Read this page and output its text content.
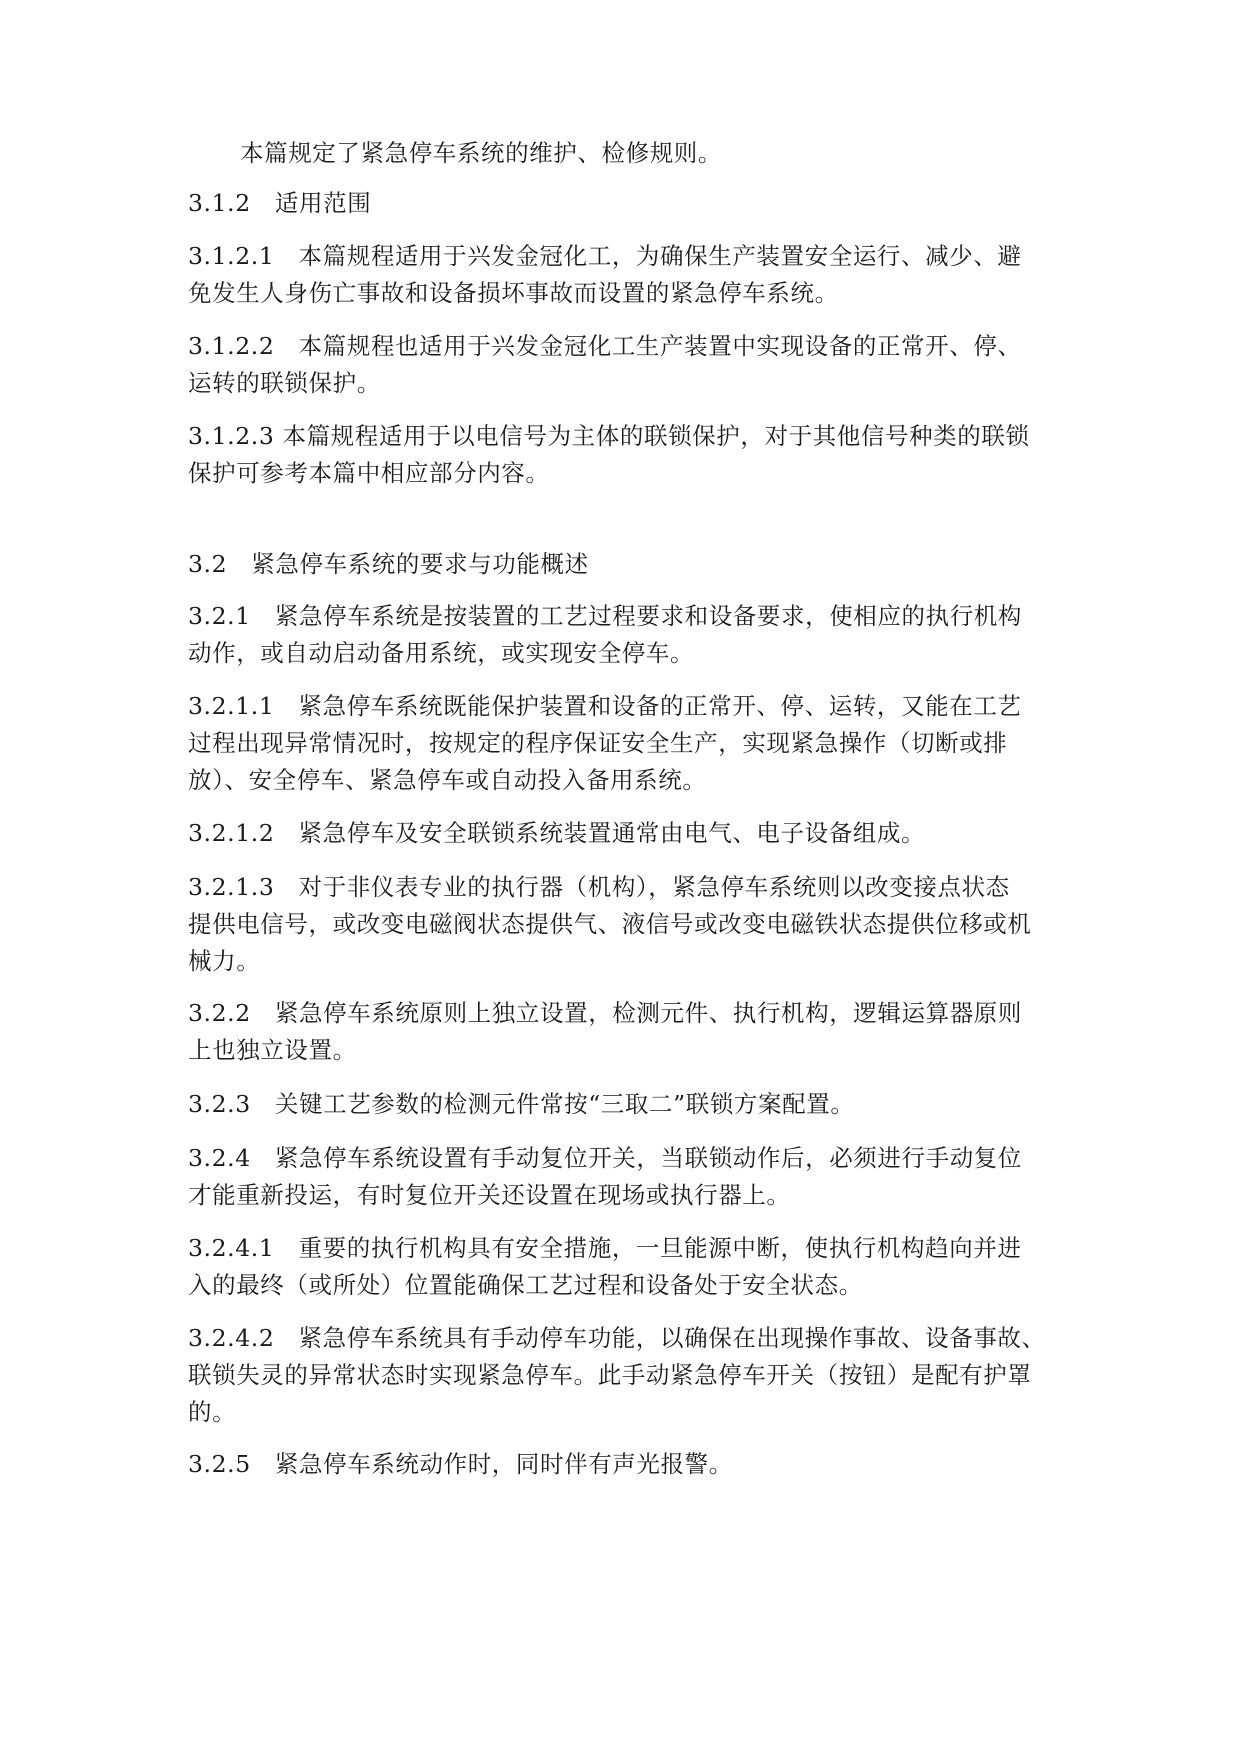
本篇规定了紧急停车系统的维护、检修规则。

3.1.2　适用范围

3.1.2.1　本篇规程适用于兴发金冠化工，为确保生产装置安全运行、减少、避
免发生人身伤亡事故和设备损坏事故而设置的紧急停车系统。

3.1.2.2　本篇规程也适用于兴发金冠化工生产装置中实现设备的正常开、停、
运转的联锁保护。

3.1.2.3 本篇规程适用于以电信号为主体的联锁保护，对于其他信号种类的联锁
保护可参考本篇中相应部分内容。

3.2　紧急停车系统的要求与功能概述

3.2.1　紧急停车系统是按装置的工艺过程要求和设备要求，使相应的执行机构
动作，或自动启动备用系统，或实现安全停车。

3.2.1.1　紧急停车系统既能保护装置和设备的正常开、停、运转，又能在工艺
过程出现异常情况时，按规定的程序保证安全生产，实现紧急操作（切断或排
放）、安全停车、紧急停车或自动投入备用系统。

3.2.1.2　紧急停车及安全联锁系统装置通常由电气、电子设备组成。

3.2.1.3　对于非仪表专业的执行器（机构），紧急停车系统则以改变接点状态
提供电信号，或改变电磁阀状态提供气、液信号或改变电磁铁状态提供位移或机
械力。

3.2.2　紧急停车系统原则上独立设置，检测元件、执行机构，逻辑运算器原则
上也独立设置。

3.2.3　关键工艺参数的检测元件常按“三取二”联锁方案配置。

3.2.4　紧急停车系统设置有手动复位开关，当联锁动作后，必须进行手动复位
才能重新投运，有时复位开关还设置在现场或执行器上。

3.2.4.1　重要的执行机构具有安全措施，一旦能源中断，使执行机构趋向并进
入的最终（或所处）位置能确保工艺过程和设备处于安全状态。

3.2.4.2　紧急停车系统具有手动停车功能，以确保在出现操作事故、设备事故、
联锁失灵的异常状态时实现紧急停车。此手动紧急停车开关（按钮）是配有护罩
的。

3.2.5　紧急停车系统动作时，同时伴有声光报警。
